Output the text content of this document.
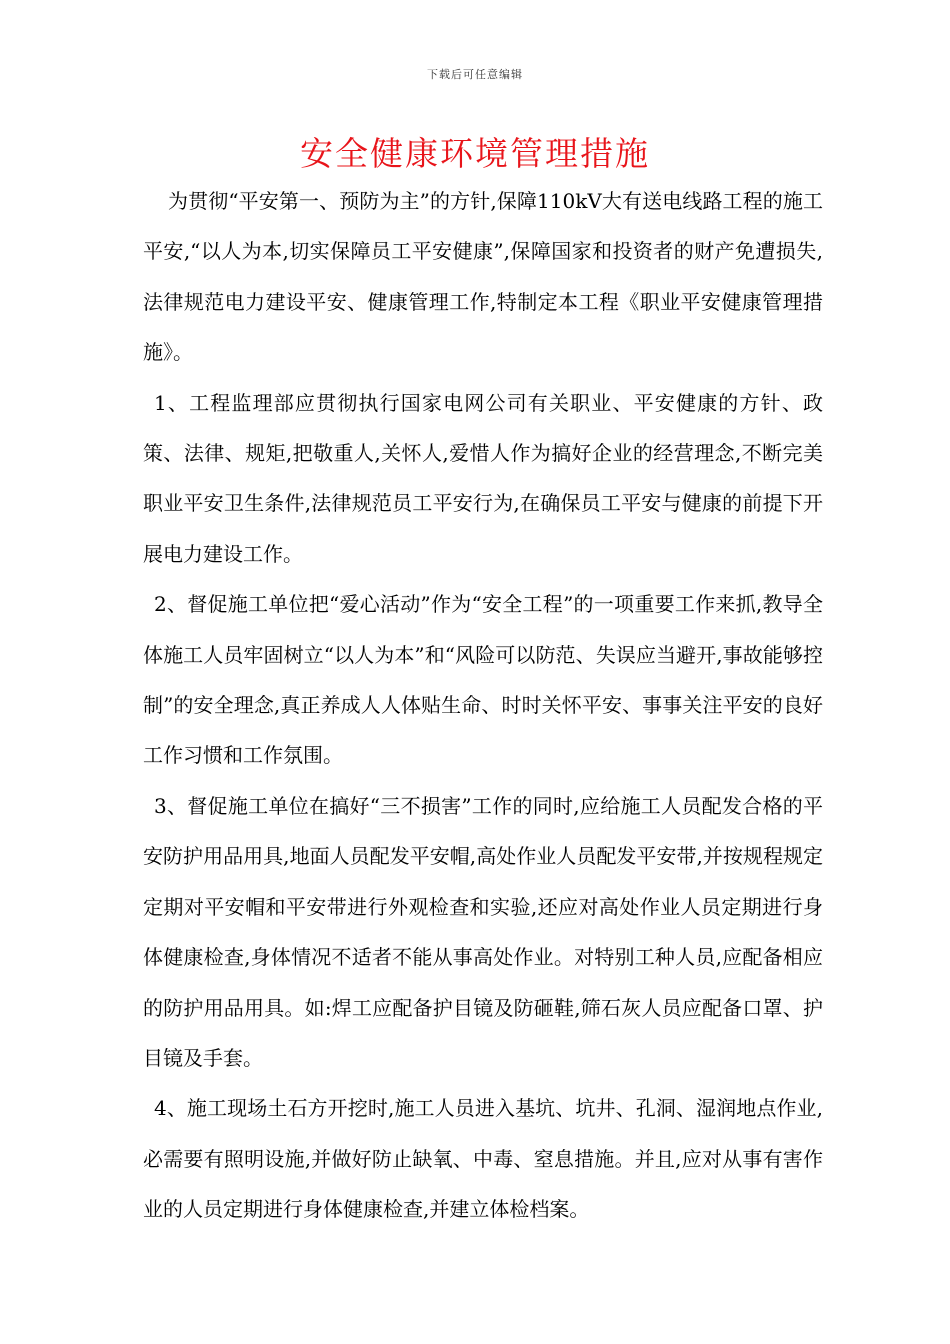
下载后可任意编辑
安全健康环境管理措施

为贯彻“平安第一、预防为主”的方针,保障110kV大有送电线路工程的施工平安,“以人为本,切实保障员工平安健康”,保障国家和投资者的财产免遭损失,法律规范电力建设平安、健康管理工作,特制定本工程《职业平安健康管理措施》。

1、工程监理部应贯彻执行国家电网公司有关职业、平安健康的方针、政策、法律、规矩,把敬重人,关怀人,爱惜人作为搞好企业的经营理念,不断完美职业平安卫生条件,法律规范员工平安行为,在确保员工平安与健康的前提下开展电力建设工作。

2、督促施工单位把“爱心活动”作为“安全工程”的一项重要工作来抓,教导全体施工人员牢固树立“以人为本”和“风险可以防范、失误应当避开,事故能够控制”的安全理念,真正养成人人体贴生命、时时关怀平安、事事关注平安的良好工作习惯和工作氛围。

3、督促施工单位在搞好“三不损害”工作的同时,应给施工人员配发合格的平安防护用品用具,地面人员配发平安帽,高处作业人员配发平安带,并按规程规定定期对平安帽和平安带进行外观检查和实验,还应对高处作业人员定期进行身体健康检查,身体情况不适者不能从事高处作业。对特别工种人员,应配备相应的防护用品用具。如:焊工应配备护目镜及防砸鞋,筛石灰人员应配备口罩、护目镜及手套。

4、施工现场土石方开挖时,施工人员进入基坑、坑井、孔洞、湿润地点作业,必需要有照明设施,并做好防止缺氧、中毒、窒息措施。并且,应对从事有害作业的人员定期进行身体健康检查,并建立体检档案。
